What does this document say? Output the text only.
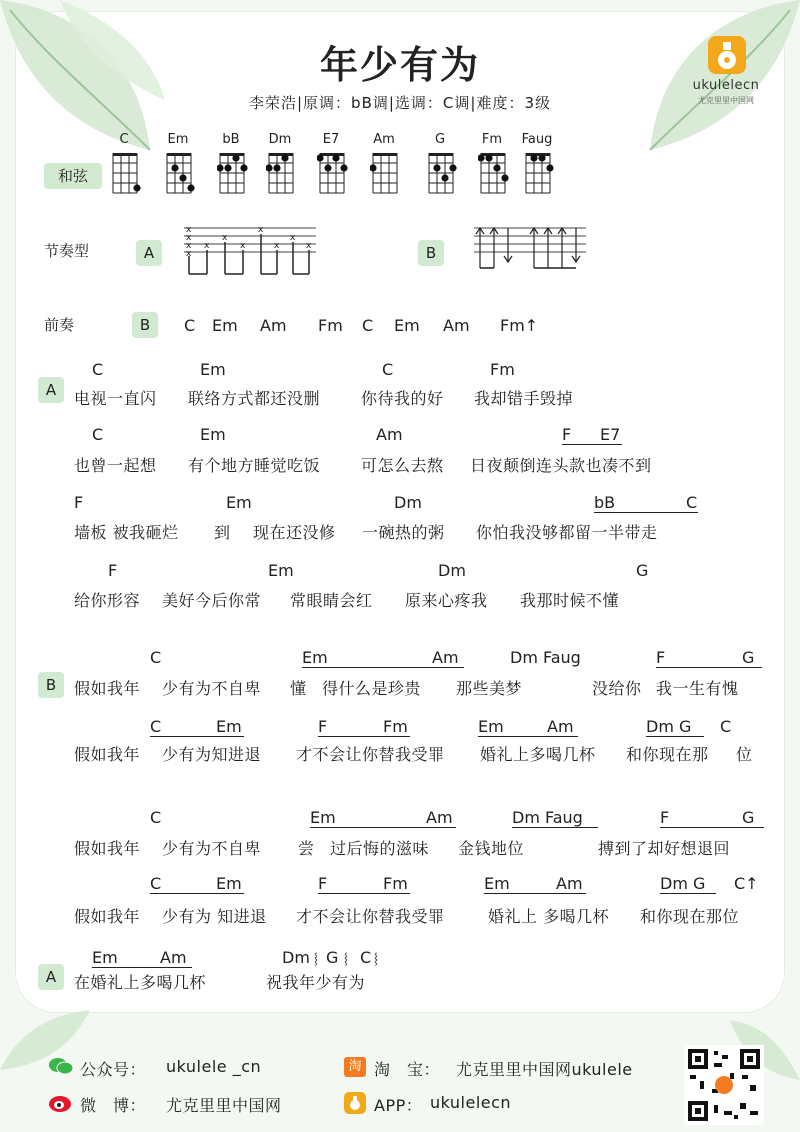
年少有为
李荣浩|原调：bB调|选调：C调|难度：3级
ukulelecn
尤克里里中国网
和弦
C	Em	bB	Dm	E7	Am	G	Fm	Faug
节奏型	A
x
x
x
x
x
x
x
x
x
x
x	B
前奏	B	C Em Am Fm C Em Am Fm↑
A
C	Em	C	Fm
电视一直闪 联络方式都还没删	你待我的好 我却错手毁掉
C	Em	Am	F	E7
也曾一起想 有个地方睡觉吃饭	可怎么去熬 日夜颠倒连头款也凑不到
F	Em	Dm	bB	C
墙板 被我砸烂 到 现在还没修 一碗热的粥 你怕我没够都留一半带走
F	Em	Dm	G
给你形容 美好今后你常 常眼睛会红 原来心疼我 我那时候不懂
B
C	Em	Am	Dm Faug	F	G
假如我年 少有为不自卑 懂 得什么是珍贵 那些美梦	没给你 我一生有愧
C	Em	F	Fm	Em	Am	Dm G	C
假如我年 少有为知进退 才不会让你替我受罪 婚礼上多喝几杯 和你现在那 位
C	Em	Am	Dm Faug	F	G
假如我年 少有为不自卑 尝 过后悔的滋味 金钱地位	搏到了却好想退回
C	Em	F	Fm	Em	Am	Dm G	C↑
假如我年 少有为 知进退 才不会让你替我受罪	婚礼上 多喝几杯 和你现在那位
A
Em	Am	Dm ⸾ G ⸾ C ⸾
在婚礼上多喝几杯	祝我年少有为
公众号： ukulele _cn	淘 淘　宝： 尤克里里中国网ukulele
微　博： 尤克里里中国网	APP： ukulelecn
